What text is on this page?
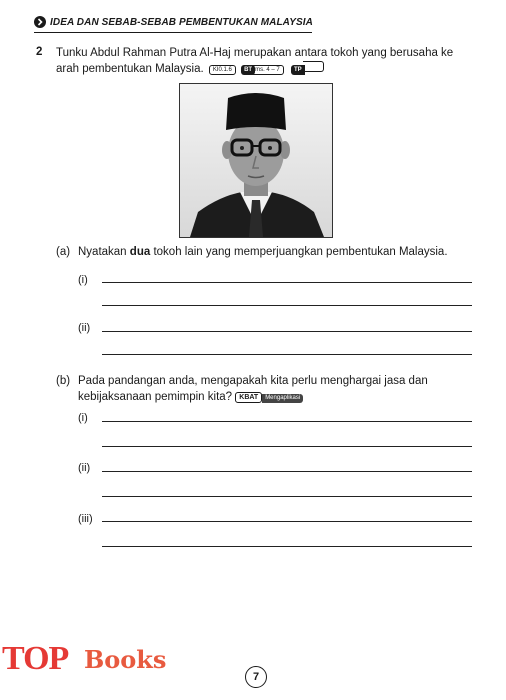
IDEA DAN SEBAB-SEBAB PEMBENTUKAN MALAYSIA
2 Tunku Abdul Rahman Putra Al-Haj merupakan antara tokoh yang berusaha ke arah pembentukan Malaysia. KI0.1.6 BT ms. 4 – 7 TP
(a) Nyatakan dua tokoh lain yang memperjuangkan pembentukan Malaysia.
(i)
(ii)
(b) Pada pandangan anda, mengapakah kita perlu menghargai jasa dan
kebijaksanaan pemimpin kita? KBAT Mengaplikasi
(i)
(ii)
(iii)
TOP Books
7
